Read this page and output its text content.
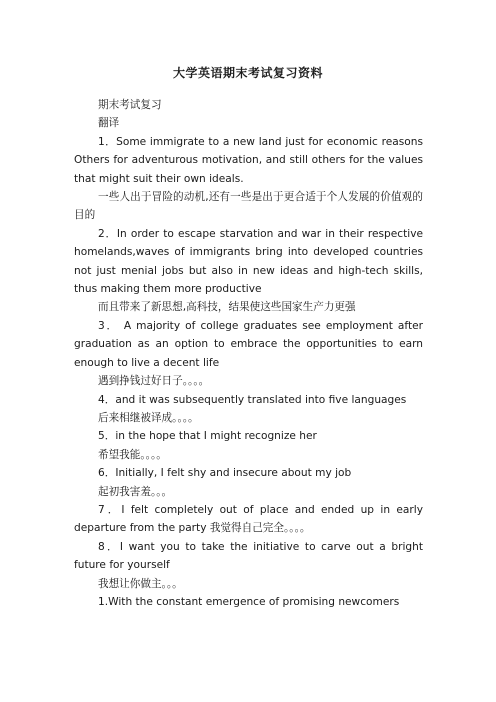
大学英语期末考试复习资料

期末考试复习

翻译

1．Some immigrate to a new land just for economic reasons Others for adventurous motivation, and still others for the values that might suit their own ideals.

一些人出于冒险的动机,还有一些是出于更合适于个人发展的价值观的目的

2．In order to escape starvation and war in their respective homelands,waves of immigrants bring into developed countries not just menial jobs but also in new ideas and high-tech skills, thus making them more productive

而且带来了新思想,高科技，结果使这些国家生产力更强

3． A majority of college graduates see employment after graduation as an option to embrace the opportunities to earn enough to live a decent life

遇到挣钱过好日子。。。。

4．and it was subsequently translated into five languages

后来相继被译成。。。。

5．in the hope that I might recognize her

希望我能。。。。

6．Initially, I felt shy and insecure about my job

起初我害羞。。。

7．I felt completely out of place and ended up in early departure from the party 我觉得自己完全。。。。

8．I want you to take the initiative to carve out a bright future for yourself

我想让你做主。。。

1.With the constant emergence of promising newcomers
